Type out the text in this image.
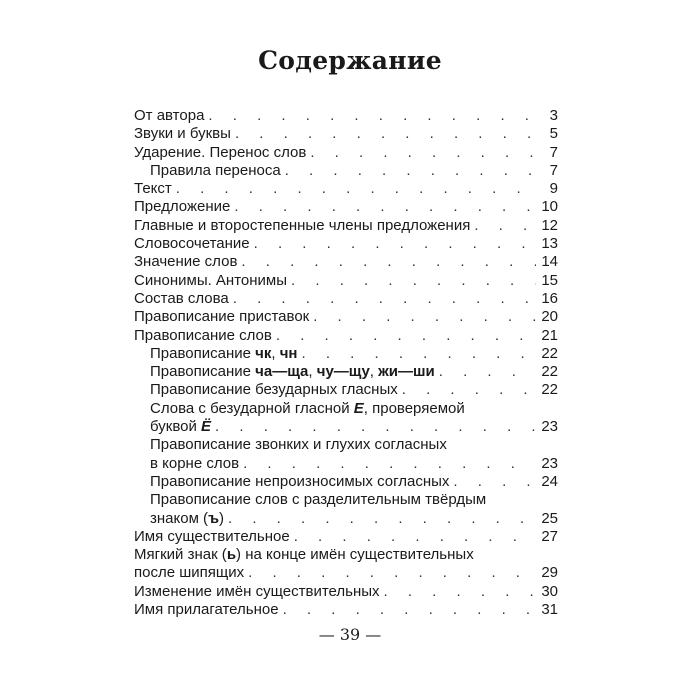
Содержание
От автора . . .	3
Звуки и буквы . . .	5
Ударение. Перенос слов . . .	7
Правила переноса . . .	7
Текст . . .	9
Предложение . . .	10
Главные и второстепенные члены предложения . . .	12
Словосочетание . . .	13
Значение слов . . .	14
Синонимы. Антонимы . . .	15
Состав слова . . .	16
Правописание приставок . . .	20
Правописание слов . . .	21
Правописание чк, чн . . .	22
Правописание ча—ща, чу—щу, жи—ши . . .	22
Правописание безударных гласных . . .	22
Слова с безударной гласной Е, проверяемой
буквой Ё . . .	23
Правописание звонких и глухих согласных
в корне слов . . .	23
Правописание непроизносимых согласных . . .	24
Правописание слов с разделительным твёрдым
знаком (ъ) . . .	25
Имя существительное . . .	27
Мягкий знак (ь) на конце имён существительных
после шипящих . . .	29
Изменение имён существительных . . .	30
Имя прилагательное . . .	31
— 39 —
